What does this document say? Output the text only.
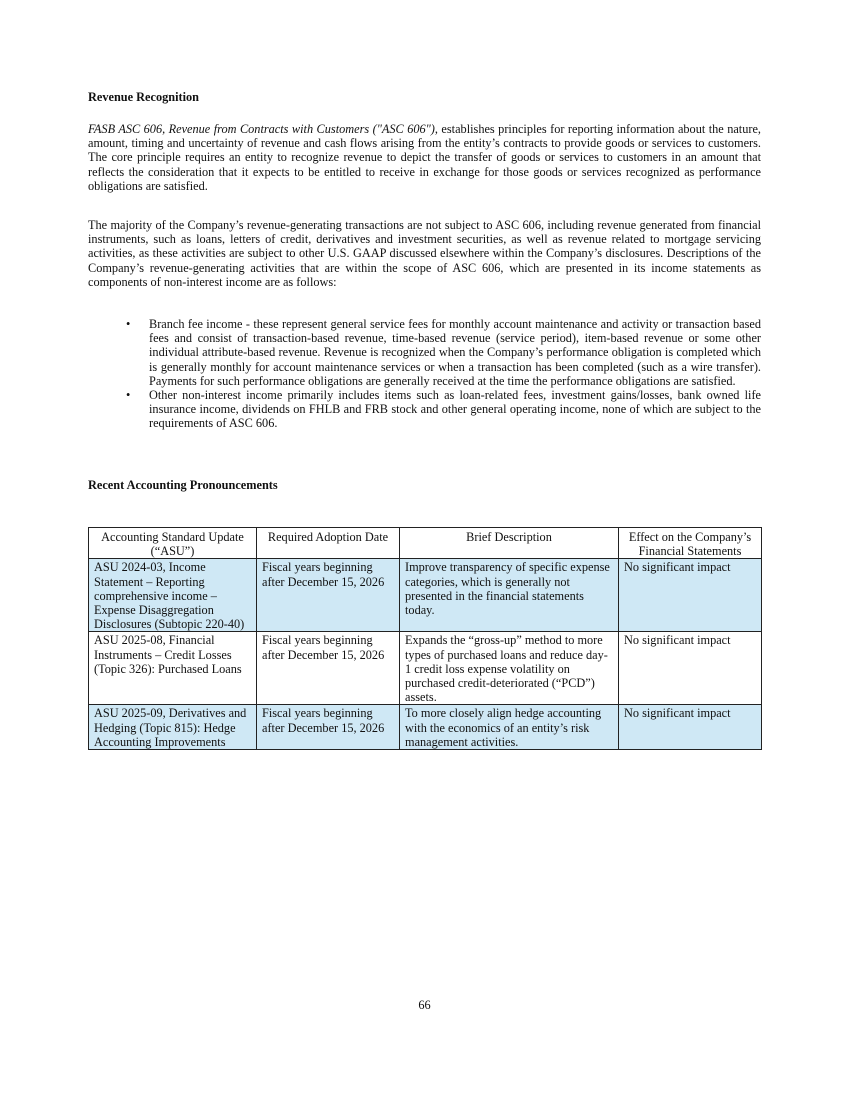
Revenue Recognition

FASB ASC 606, Revenue from Contracts with Customers ("ASC 606"), establishes principles for reporting information about the nature, amount, timing and uncertainty of revenue and cash flows arising from the entity’s contracts to provide goods or services to customers. The core principle requires an entity to recognize revenue to depict the transfer of goods or services to customers in an amount that reflects the consideration that it expects to be entitled to receive in exchange for those goods or services recognized as performance obligations are satisfied.

The majority of the Company’s revenue-generating transactions are not subject to ASC 606, including revenue generated from financial instruments, such as loans, letters of credit, derivatives and investment securities, as well as revenue related to mortgage servicing activities, as these activities are subject to other U.S. GAAP discussed elsewhere within the Company’s disclosures. Descriptions of the Company’s revenue-generating activities that are within the scope of ASC 606, which are presented in its income statements as components of non-interest income are as follows:

• Branch fee income - these represent general service fees for monthly account maintenance and activity or transaction based fees and consist of transaction-based revenue, time-based revenue (service period), item-based revenue or some other individual attribute-based revenue. Revenue is recognized when the Company’s performance obligation is completed which is generally monthly for account maintenance services or when a transaction has been completed (such as a wire transfer). Payments for such performance obligations are generally received at the time the performance obligations are satisfied.
• Other non-interest income primarily includes items such as loan-related fees, investment gains/losses, bank owned life insurance income, dividends on FHLB and FRB stock and other general operating income, none of which are subject to the requirements of ASC 606.
Recent Accounting Pronouncements
Accounting Standard Update (“ASU”)	Required Adoption Date	Brief Description	Effect on the Company’s Financial Statements
ASU 2024-03, Income Statement – Reporting comprehensive income – Expense Disaggregation Disclosures (Subtopic 220-40)	Fiscal years beginning after December 15, 2026	Improve transparency of specific expense categories, which is generally not presented in the financial statements today.	No significant impact
ASU 2025-08, Financial Instruments – Credit Losses (Topic 326): Purchased Loans	Fiscal years beginning after December 15, 2026	Expands the “gross-up” method to more types of purchased loans and reduce day-1 credit loss expense volatility on purchased credit-deteriorated (“PCD”) assets.	No significant impact
ASU 2025-09, Derivatives and Hedging (Topic 815): Hedge Accounting Improvements	Fiscal years beginning after December 15, 2026	To more closely align hedge accounting with the economics of an entity’s risk management activities.	No significant impact
66
